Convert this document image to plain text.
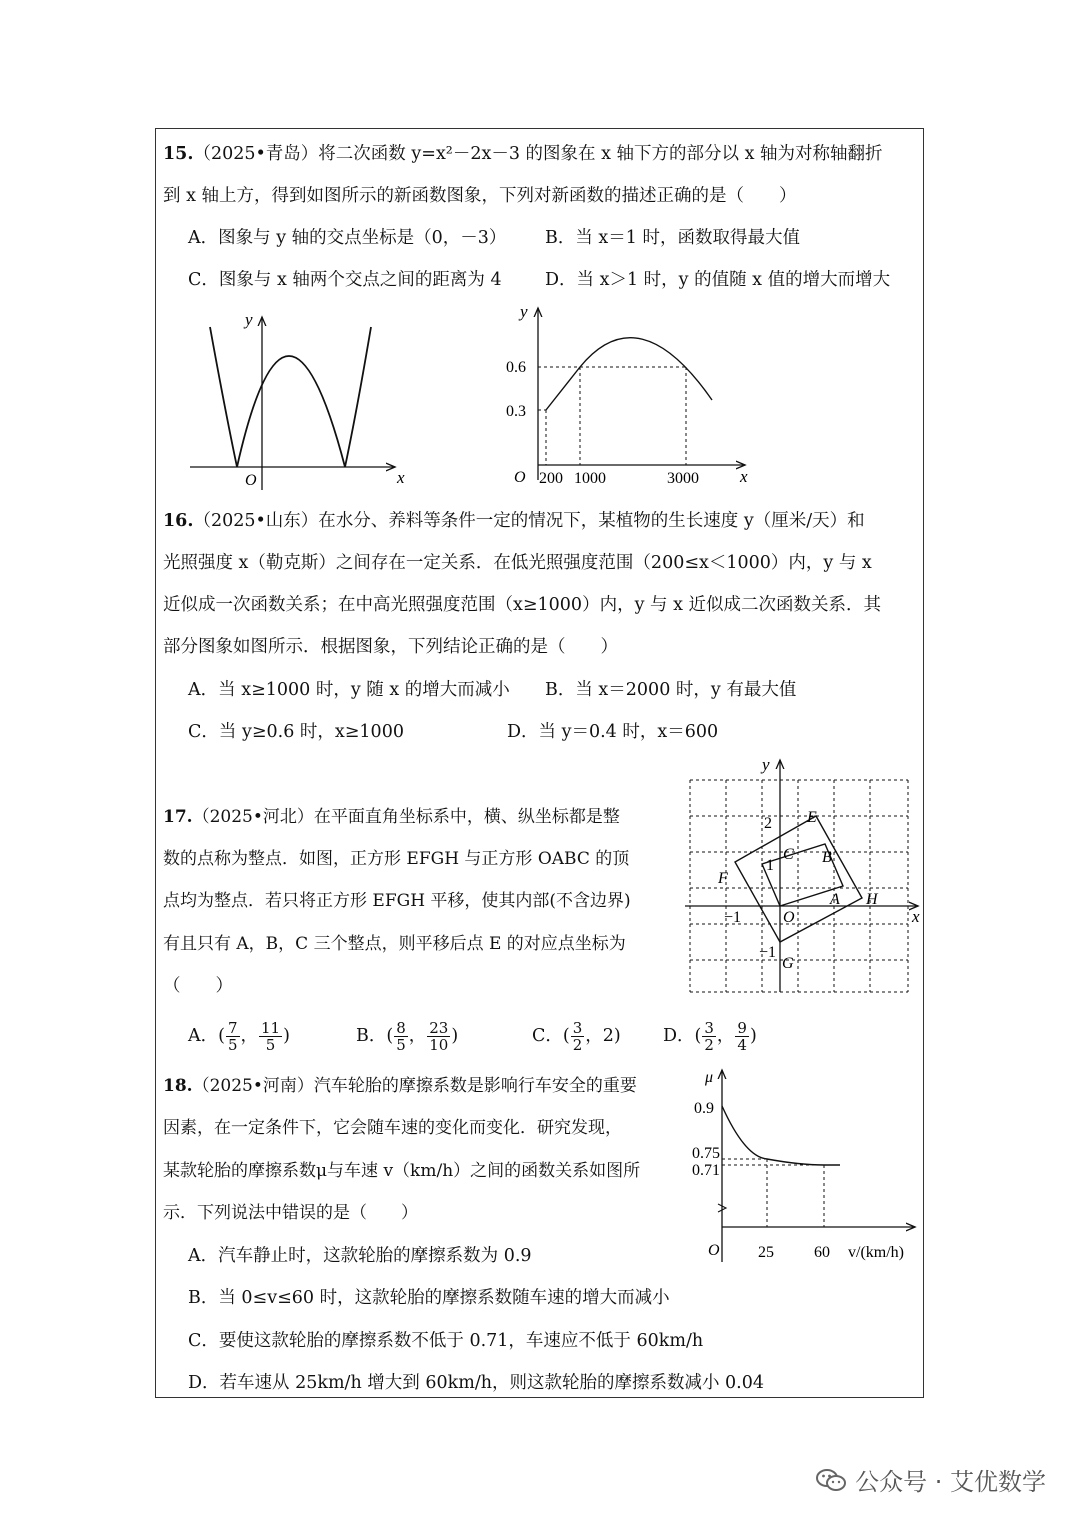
15.（2025•青岛）将二次函数 y=x²－2x－3 的图象在 x 轴下方的部分以 x 轴为对称轴翻折
到 x 轴上方，得到如图所示的新函数图象，下列对新函数的描述正确的是（　　）
A．图象与 y 轴的交点坐标是（0，－3） B．当 x＝1 时，函数取得最大值
C．图象与 x 轴两个交点之间的距离为 4 D．当 x＞1 时，y 的值随 x 值的增大而增大
O	x
y	y
0.6
0.3
O 200 1000	3000 x
16.（2025•山东）在水分、养料等条件一定的情况下，某植物的生长速度 y（厘米/天）和
光照强度 x（勒克斯）之间存在一定关系．在低光照强度范围（200≤x＜1000）内，y 与 x
近似成一次函数关系；在中高光照强度范围（x≥1000）内，y 与 x 近似成二次函数关系．其
部分图象如图所示．根据图象，下列结论正确的是（　　）
A．当 x≥1000 时，y 随 x 的增大而减小 B．当 x＝2000 时，y 有最大值
C．当 y≥0.6 时，x≥1000	D．当 y＝0.4 时，x＝600
17.（2025•河北）在平面直角坐标系中，横、纵坐标都是整
数的点称为整点．如图，正方形 EFGH 与正方形 OABC 的顶
点均为整点．若只将正方形 EFGH 平移，使其内部(不含边界)
有且只有 A，B，C 三个整点，则平移后点 E 的对应点坐标为
（　　）
A．( $\frac{7}{5}$ ， $\frac{11}{5}$ )	B．( $\frac{8}{5}$ ， $\frac{23}{10}$ )	C．( $\frac{3}{2}$ ，2) D．( $\frac{3}{2}$ ， $\frac{9}{4}$ )
y
x
2
1
−1
−1
O
E
F
G
H
A
B
C
18.（2025•河南）汽车轮胎的摩擦系数是影响行车安全的重要
因素，在一定条件下，它会随车速的变化而变化．研究发现，
某款轮胎的摩擦系数μ与车速 v（km/h）之间的函数关系如图所
示．下列说法中错误的是（　　）
A．汽车静止时，这款轮胎的摩擦系数为 0.9
B．当 0≤v≤60 时，这款轮胎的摩擦系数随车速的增大而减小
C．要使这款轮胎的摩擦系数不低于 0.71，车速应不低于 60km/h
D．若车速从 25km/h 增大到 60km/h，则这款轮胎的摩擦系数减小 0.04
μ
0.9
0.75
0.71
O 25	60 v/(km/h)
公众号 · 艾优数学
